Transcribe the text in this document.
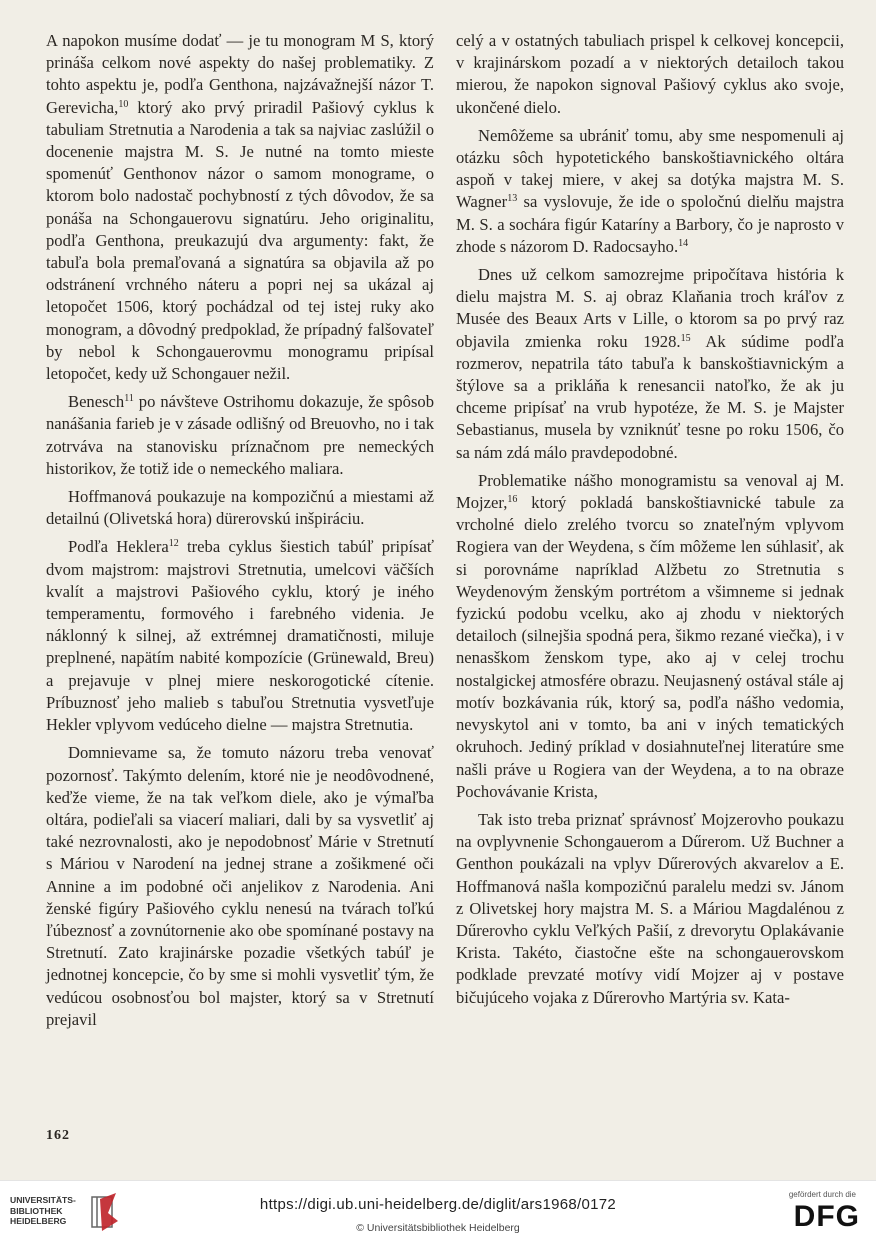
A napokon musíme dodať — je tu monogram M S, ktorý prináša celkom nové aspekty do našej problematiky. Z tohto aspektu je, podľa Genthona, najzávažnejší názor T. Gerevicha,$^{10}$ ktorý ako prvý priradil Pašiový cyklus k tabuliam Stretnutia a Narodenia a tak sa najviac zaslúžil o docenenie majstra M. S. Je nutné na tomto mieste spomenúť Genthonov názor o samom monograme, o ktorom bolo nadostač pochybností z tých dôvodov, že sa ponáša na Schongauerovu signatúru. Jeho originalitu, podľa Genthona, preukazujú dva argumenty: fakt, že tabuľa bola premaľovaná a signatúra sa objavila až po odstránení vrchného náteru a popri nej sa ukázal aj letopočet 1506, ktorý pochádzal od tej istej ruky ako monogram, a dôvodný predpoklad, že prípadný falšovateľ by nebol k Schongauerovmu monogramu pripísal letopočet, kedy už Schongauer nežil.

Benesch$^{11}$ po návšteve Ostrihomu dokazuje, že spôsob nanášania farieb je v zásade odlišný od Breuovho, no i tak zotrváva na stanovisku príznačnom pre nemeckých historikov, že totiž ide o nemeckého maliara.

Hoffmanová poukazuje na kompozičnú a miestami až detailnú (Olivetská hora) dürerovskú inšpiráciu.

Podľa Heklera$^{12}$ treba cyklus šiestich tabúľ pripísať dvom majstrom: majstrovi Stretnutia, umelcovi väčších kvalít a majstrovi Pašiového cyklu, ktorý je iného temperamentu, formového i farebného videnia. Je náklonný k silnej, až extrémnej dramatičnosti, miluje preplnené, napätím nabité kompozície (Grünewald, Breu) a prejavuje v plnej miere neskorogotické cítenie. Príbuznosť jeho malieb s tabuľou Stretnutia vysvetľuje Hekler vplyvom vedúceho dielne — majstra Stretnutia.

Domnievame sa, že tomuto názoru treba venovať pozornosť. Takýmto delením, ktoré nie je neodôvodnené, keďže vieme, že na tak veľkom diele, ako je výmaľba oltára, podieľali sa viacerí maliari, dali by sa vysvetliť aj také nezrovnalosti, ako je nepodobnosť Márie v Stretnutí s Máriou v Narodení na jednej strane a zošikmené oči Annine a im podobné oči anjelikov z Narodenia. Ani ženské figúry Pašiového cyklu nenesú na tvárach toľkú ľúbeznosť a zovnútornenie ako obe spomínané postavy na Stretnutí. Zato krajinárske pozadie všetkých tabúľ je jednotnej koncepcie, čo by sme si mohli vysvetliť tým, že vedúcou osobnosťou bol majster, ktorý sa v Stretnutí prejavil

celý a v ostatných tabuliach prispel k celkovej koncepcii, v krajinárskom pozadí a v niektorých detailoch takou mierou, že napokon signoval Pašiový cyklus ako svoje, ukončené dielo.

Nemôžeme sa ubrániť tomu, aby sme nespomenuli aj otázku sôch hypotetického banskoštiavnického oltára aspoň v takej miere, v akej sa dotýka majstra M. S. Wagner$^{13}$ sa vyslovuje, že ide o spoločnú dielňu majstra M. S. a sochára figúr Kataríny a Barbory, čo je naprosto v zhode s názorom D. Radocsayho.$^{14}$

Dnes už celkom samozrejme pripočítava história k dielu majstra M. S. aj obraz Klaňania troch kráľov z Musée des Beaux Arts v Lille, o ktorom sa po prvý raz objavila zmienka roku 1928.15 Ak súdime podľa rozmerov, nepatrila táto tabuľa k banskoštiavnickým a štýlove sa a prikláňa k renesancii natoľko, že ak ju chceme pripísať na vrub hypotéze, že M. S. je Majster Sebastianus, musela by vzniknúť tesne po roku 1506, čo sa nám zdá málo pravdepodobné.

Problematike nášho monogramistu sa venoval aj M. Mojzer,$^{16}$ ktorý pokladá banskoštiavnické tabule za vrcholné dielo zrelého tvorcu so znateľným vplyvom Rogiera van der Weydena, s čím môžeme len súhlasiť, ak si porovnáme napríklad Alžbetu zo Stretnutia s Weydenovým ženským portrétom a všimneme si jednak fyzickú podobu vcelku, ako aj zhodu v niektorých detailoch (silnejšia spodná pera, šikmo rezané viečka), i v nenasškom ženskom type, ako aj v celej trochu nostalgickej atmosfére obrazu. Neujasnený ostával stále aj motív bozkávania rúk, ktorý sa, podľa nášho vedomia, nevyskytol ani v tomto, ba ani v iných tematických okruhoch. Jediný príklad v dosiahnuteľnej literatúre sme našli práve u Rogiera van der Weydena, a to na obraze Pochovávanie Krista,

Tak isto treba priznať správnosť Mojzerovho poukazu na ovplyvnenie Schongauerom a Dűrerom. Už Buchner a Genthon poukázali na vplyv Dűrerových akvarelov a E. Hoffmanová našla kompozičnú paralelu medzi sv. Jánom z Olivetskej hory majstra M. S. a Máriou Magdalénou z Dűrerovho cyklu Veľkých Pašií, z drevorytu Oplakávanie Krista. Takéto, čiastočne ešte na schongauerovskom podklade prevzaté motívy vidí Mojzer aj v postave bičujúceho vojaka z Dűrerovho Martýria sv. Kata-

162
UNIVERSITÄTS-
BIBLIOTHEK
HEIDELBERG
https://digi.ub.uni-heidelberg.de/diglit/ars1968/0172
© Universitätsbibliothek Heidelberg
gefördert durch die
DFG
